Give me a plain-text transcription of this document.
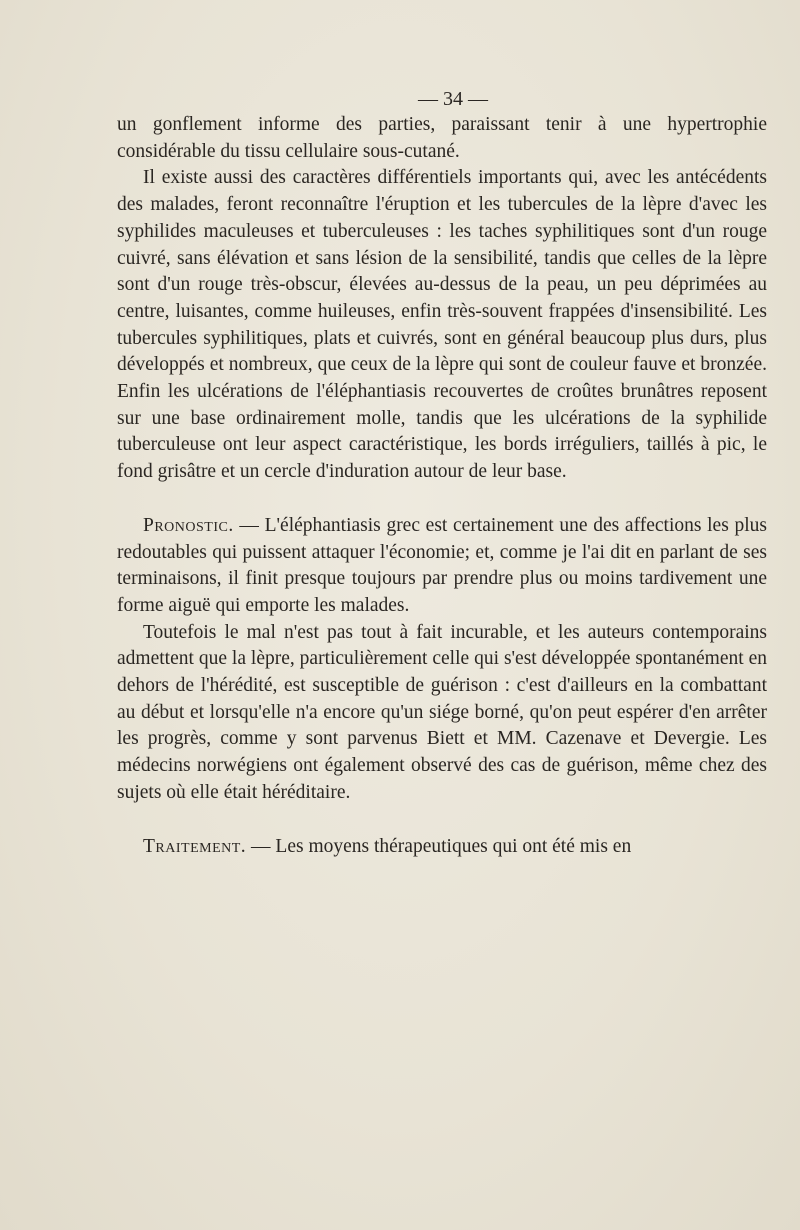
— 34 —

un gonflement informe des parties, paraissant tenir à une hypertrophie considérable du tissu cellulaire sous-cutané.

Il existe aussi des caractères différentiels importants qui, avec les antécédents des malades, feront reconnaître l'éruption et les tubercules de la lèpre d'avec les syphilides maculeuses et tuberculeuses : les taches syphilitiques sont d'un rouge cuivré, sans élévation et sans lésion de la sensibilité, tandis que celles de la lèpre sont d'un rouge très-obscur, élevées au-dessus de la peau, un peu déprimées au centre, luisantes, comme huileuses, enfin très-souvent frappées d'insensibilité. Les tubercules syphilitiques, plats et cuivrés, sont en général beaucoup plus durs, plus développés et nombreux, que ceux de la lèpre qui sont de couleur fauve et bronzée. Enfin les ulcérations de l'éléphantiasis recouvertes de croûtes brunâtres reposent sur une base ordinairement molle, tandis que les ulcérations de la syphilide tuberculeuse ont leur aspect caractéristique, les bords irréguliers, taillés à pic, le fond grisâtre et un cercle d'induration autour de leur base.

Pronostic. — L'éléphantiasis grec est certainement une des affections les plus redoutables qui puissent attaquer l'économie; et, comme je l'ai dit en parlant de ses terminaisons, il finit presque toujours par prendre plus ou moins tardivement une forme aiguë qui emporte les malades.

Toutefois le mal n'est pas tout à fait incurable, et les auteurs contemporains admettent que la lèpre, particulièrement celle qui s'est développée spontanément en dehors de l'hérédité, est susceptible de guérison : c'est d'ailleurs en la combattant au début et lorsqu'elle n'a encore qu'un siége borné, qu'on peut espérer d'en arrêter les progrès, comme y sont parvenus Biett et MM. Cazenave et Devergie. Les médecins norwégiens ont également observé des cas de guérison, même chez des sujets où elle était héréditaire.

Traitement. — Les moyens thérapeutiques qui ont été mis en
